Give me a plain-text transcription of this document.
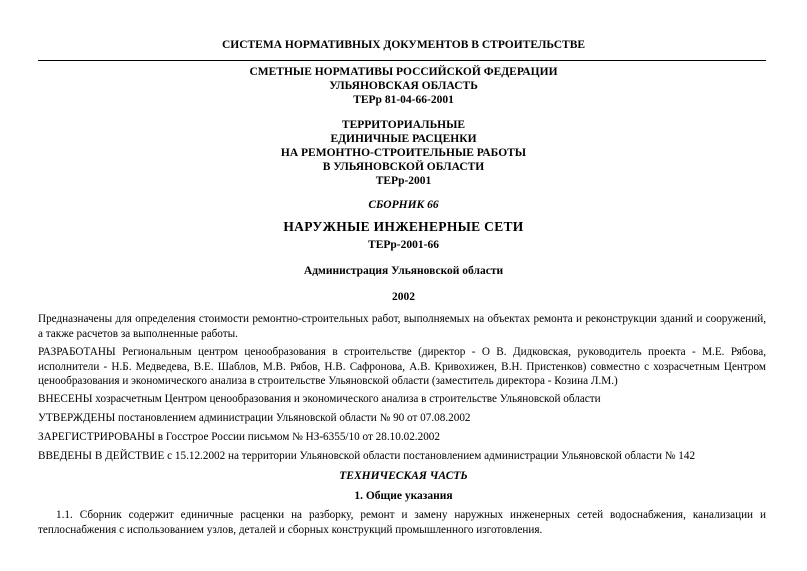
СИСТЕМА НОРМАТИВНЫХ ДОКУМЕНТОВ В СТРОИТЕЛЬСТВЕ
СМЕТНЫЕ НОРМАТИВЫ РОССИЙСКОЙ ФЕДЕРАЦИИ
УЛЬЯНОВСКАЯ ОБЛАСТЬ
ТЕРр 81-04-66-2001
ТЕРРИТОРИАЛЬНЫЕ
ЕДИНИЧНЫЕ РАСЦЕНКИ
НА РЕМОНТНО-СТРОИТЕЛЬНЫЕ РАБОТЫ
В УЛЬЯНОВСКОЙ ОБЛАСТИ
ТЕРр-2001
СБОРНИК 66
НАРУЖНЫЕ ИНЖЕНЕРНЫЕ СЕТИ
ТЕРр-2001-66
Администрация Ульяновской области
2002
Предназначены для определения стоимости ремонтно-строительных работ, выполняемых на объектах ремонта и реконструкции зданий и сооружений, а также расчетов за выполненные работы.
РАЗРАБОТАНЫ Региональным центром ценообразования в строительстве (директор - О В. Дидковская, руководитель проекта - М.Е. Рябова, исполнители - Н.Б. Медведева, В.Е. Шаблов, М.В. Рябов, Н.В. Сафронова, А.В. Кривохижен, В.Н. Пристенков) совместно с хозрасчетным Центром ценообразования и экономического анализа в строительстве Ульяновской области (заместитель директора - Козина Л.М.)
ВНЕСЕНЫ хозрасчетным Центром ценообразования и экономического анализа в строительстве Ульяновской области
УТВЕРЖДЕНЫ постановлением администрации Ульяновской области № 90 от 07.08.2002
ЗАРЕГИСТРИРОВАНЫ в Госстрое России письмом № НЗ-6355/10 от 28.10.02.2002
ВВЕДЕНЫ В ДЕЙСТВИЕ с 15.12.2002 на территории Ульяновской области постановлением администрации Ульяновской области № 142
ТЕХНИЧЕСКАЯ ЧАСТЬ
1. Общие указания
1.1. Сборник содержит единичные расценки на разборку, ремонт и замену наружных инженерных сетей водоснабжения, канализации и теплоснабжения с использованием узлов, деталей и сборных конструкций промышленного изготовления.
